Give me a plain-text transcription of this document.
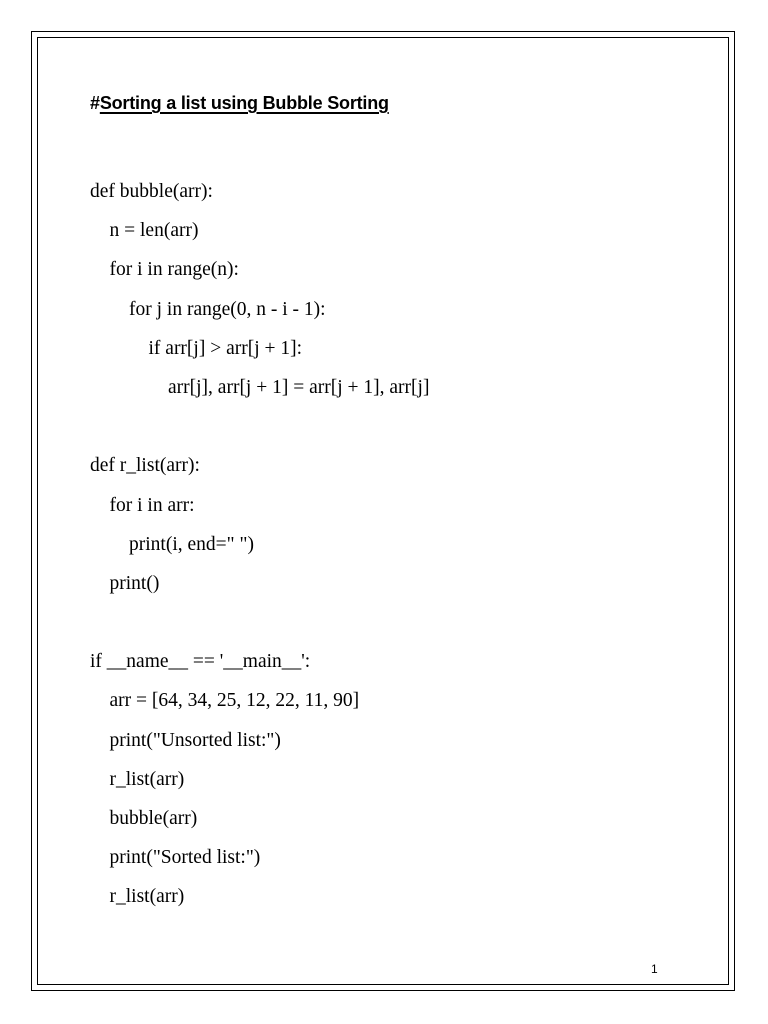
#Sorting a list using Bubble Sorting
def bubble(arr):
n = len(arr)
for i in range(n):
for j in range(0, n - i - 1):
if arr[j] > arr[j + 1]:
arr[j], arr[j + 1] = arr[j + 1], arr[j]
def r_list(arr):
for i in arr:
print(i, end=" ")
print()
if __name__ == '__main__':
arr = [64, 34, 25, 12, 22, 11, 90]
print("Unsorted list:")
r_list(arr)
bubble(arr)
print("Sorted list:")
r_list(arr)
1
